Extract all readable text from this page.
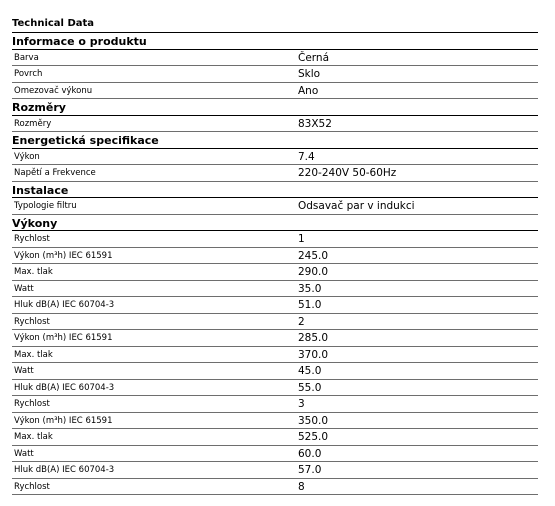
Technical Data
Informace o produktu
Barva	Černá
Povrch	Sklo
Omezovač výkonu	Ano
Rozměry
Rozměry	83X52
Energetická specifikace
Výkon	7.4
Napětí a Frekvence	220-240V 50-60Hz
Instalace
Typologie filtru	Odsavač par v indukci
Výkony
Rychlost	1
Výkon (m³h) IEC 61591	245.0
Max. tlak	290.0
Watt	35.0
Hluk dB(A) IEC 60704-3	51.0
Rychlost	2
Výkon (m³h) IEC 61591	285.0
Max. tlak	370.0
Watt	45.0
Hluk dB(A) IEC 60704-3	55.0
Rychlost	3
Výkon (m³h) IEC 61591	350.0
Max. tlak	525.0
Watt	60.0
Hluk dB(A) IEC 60704-3	57.0
Rychlost	8
